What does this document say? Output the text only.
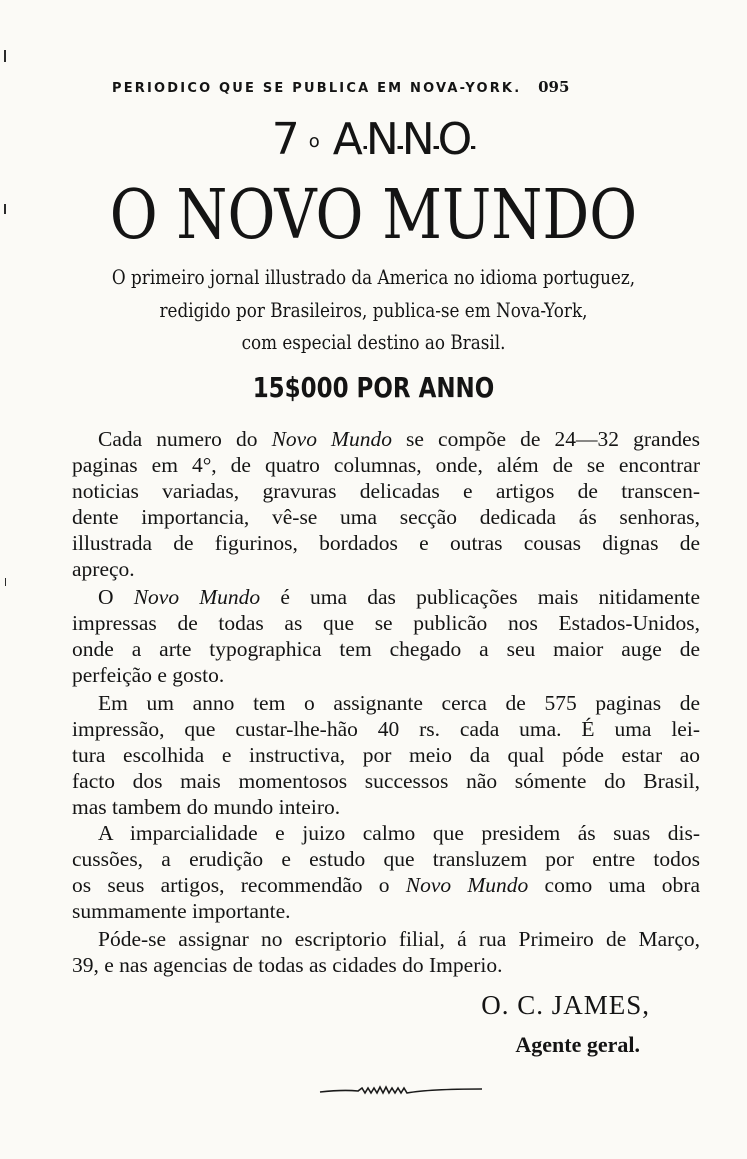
PERIODICO QUE SE PUBLICA EM NOVA-YORK. 095
7 $^o$ ANNO
O NOVO MUNDO
O primeiro jornal illustrado da America no idioma portuguez,
redigido por Brasileiros, publica-se em Nova-York,
com especial destino ao Brasil.
15$000 POR ANNO
Cada numero do Novo Mundo se compõe de 24—32 grandes
paginas em 4°, de quatro columnas, onde, além de se encontrar
noticias variadas, gravuras delicadas e artigos de transcen-
dente importancia, vê-se uma secção dedicada ás senhoras,
illustrada de figurinos, bordados e outras cousas dignas de
apreço.
O Novo Mundo é uma das publicações mais nitidamente
impressas de todas as que se publicão nos Estados-Unidos,
onde a arte typographica tem chegado a seu maior auge de
perfeição e gosto.
Em um anno tem o assignante cerca de 575 paginas de
impressão, que custar-lhe-hão 40 rs. cada uma. É uma lei-
tura escolhida e instructiva, por meio da qual póde estar ao
facto dos mais momentosos successos não sómente do Brasil,
mas tambem do mundo inteiro.
A imparcialidade e juizo calmo que presidem ás suas dis-
cussões, a erudição e estudo que transluzem por entre todos
os seus artigos, recommendão o Novo Mundo como uma obra
summamente importante.
Póde-se assignar no escriptorio filial, á rua Primeiro de Março,
39, e nas agencias de todas as cidades do Imperio.
O. C. JAMES,
Agente geral.
